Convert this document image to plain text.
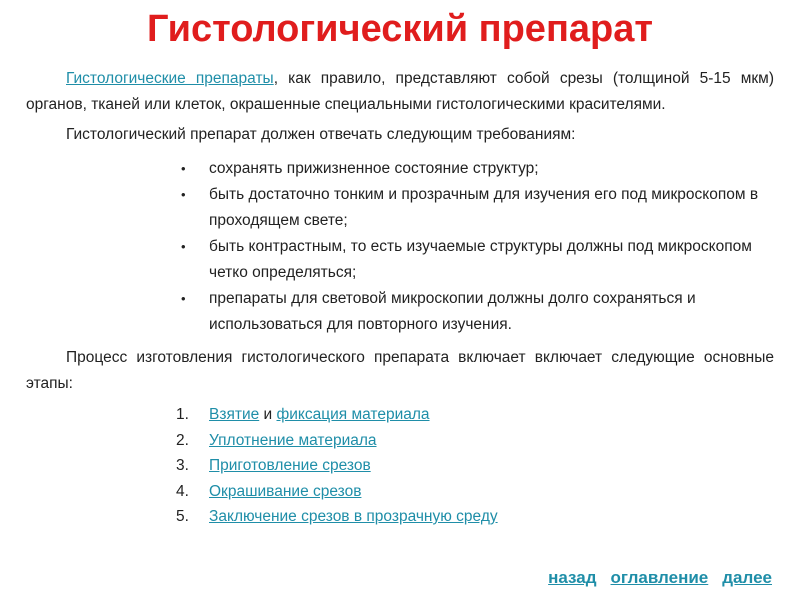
Гистологический препарат

Гистологические препараты, как правило, представляют собой срезы (толщиной 5-15 мкм) органов, тканей или клеток, окрашенные специальными гистологическими красителями.

Гистологический препарат должен отвечать следующим требованиям:

• сохранять прижизненное состояние структур;
• быть достаточно тонким и прозрачным для изучения его под микроскопом в проходящем свете;
• быть контрастным, то есть изучаемые структуры должны под микроскопом четко определяться;
• препараты для световой микроскопии должны долго сохраняться и использоваться для повторного изучения.

Процесс изготовления гистологического препарата включает включает следующие основные этапы:

1. Взятие и фиксация материала
2. Уплотнение материала
3. Приготовление срезов
4. Окрашивание срезов
5. Заключение срезов в прозрачную среду
назад оглавление далее
